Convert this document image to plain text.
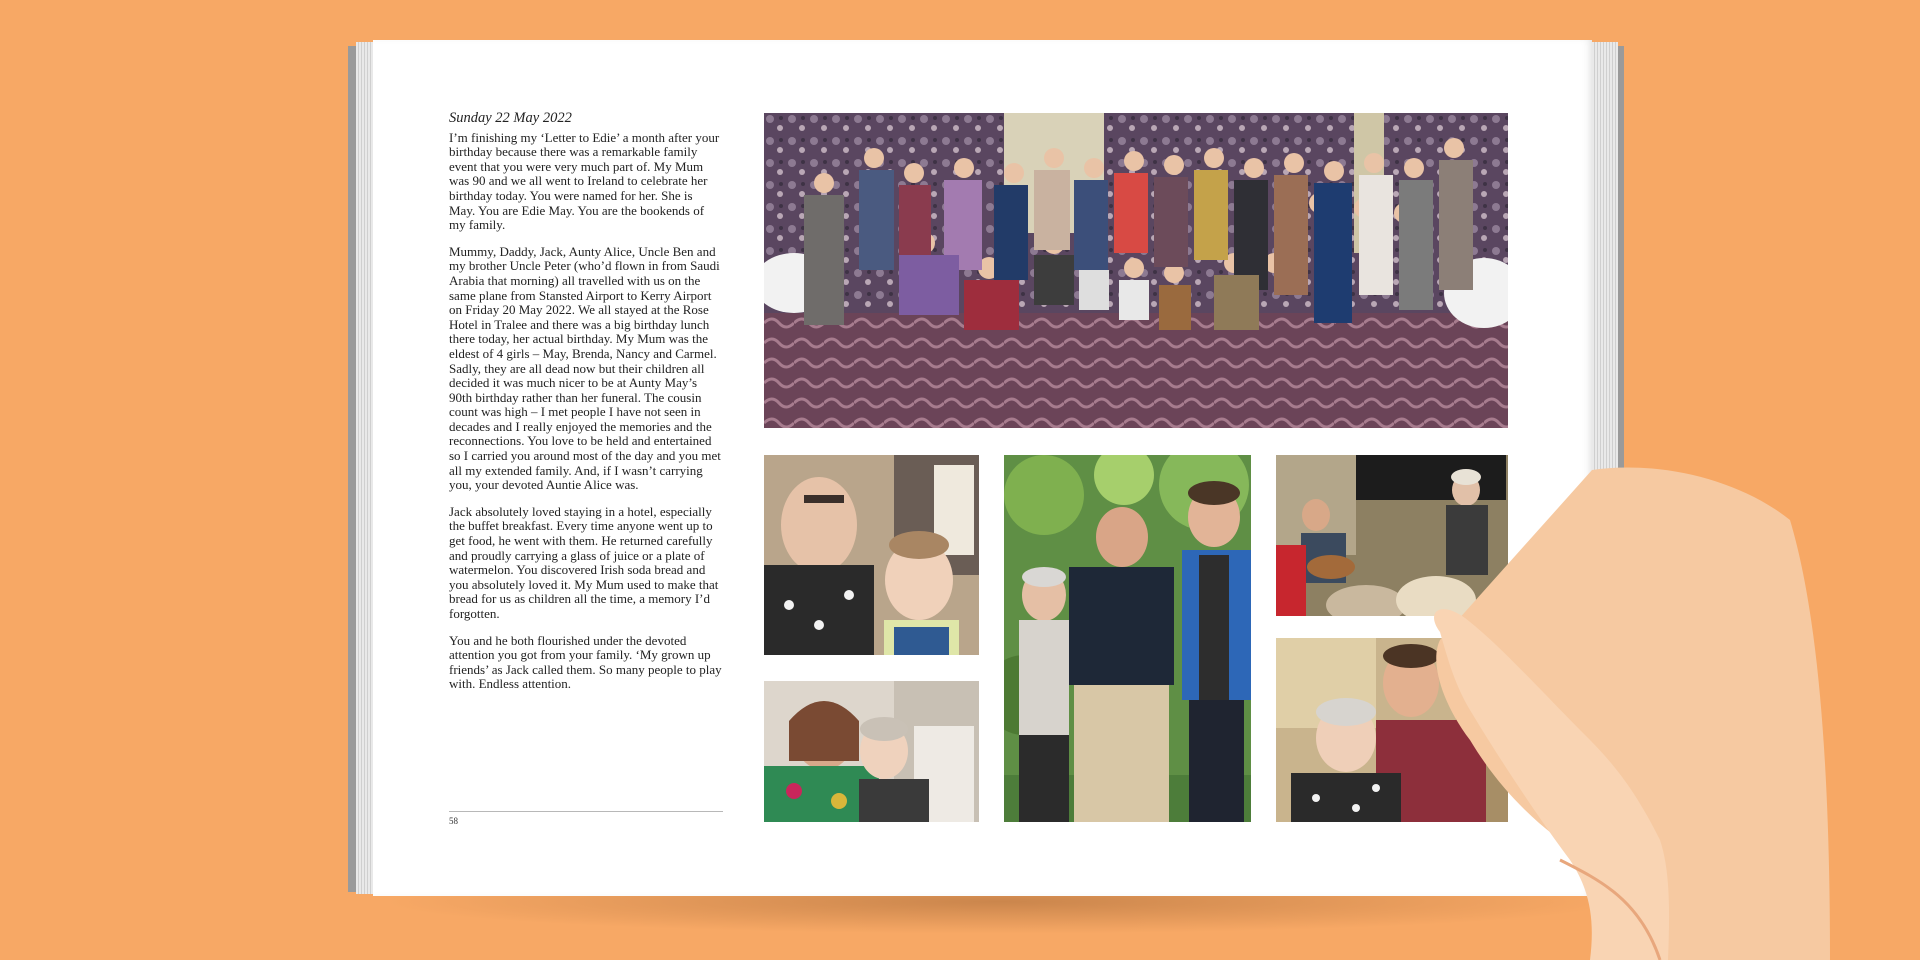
Sunday 22 May 2022

I’m finishing my ‘Letter to Edie’ a month after your birthday because there was a remarkable family event that you were very much part of. My Mum was 90 and we all went to Ireland to celebrate her birthday today. You were named for her. She is May. You are Edie May. You are the bookends of my family.

Mummy, Daddy, Jack, Aunty Alice, Uncle Ben and my brother Uncle Peter (who’d flown in from Saudi Arabia that morning) all travelled with us on the same plane from Stansted Airport to Kerry Airport on Friday 20 May 2022. We all stayed at the Rose Hotel in Tralee and there was a big birthday lunch there today, her actual birthday. My Mum was the eldest of 4 girls – May, Brenda, Nancy and Carmel. Sadly, they are all dead now but their children all decided it was much nicer to be at Aunty May’s 90th birthday rather than her funeral. The cousin count was high – I met people I have not seen in decades and I really enjoyed the memories and the reconnections. You love to be held and entertained so I carried you around most of the day and you met all my extended family. And, if I wasn’t carrying you, your devoted Auntie Alice was.

Jack absolutely loved staying in a hotel, especially the buffet breakfast. Every time anyone went up to get food, he went with them. He returned carefully and proudly carrying a glass of juice or a plate of watermelon. You discovered Irish soda bread and you absolutely loved it. My Mum used to make that bread for us as children all the time, a memory I’d forgotten.

You and he both flourished under the devoted attention you got from your family. ‘My grown up friends’ as Jack called them. So many people to play with. Endless attention.

58
